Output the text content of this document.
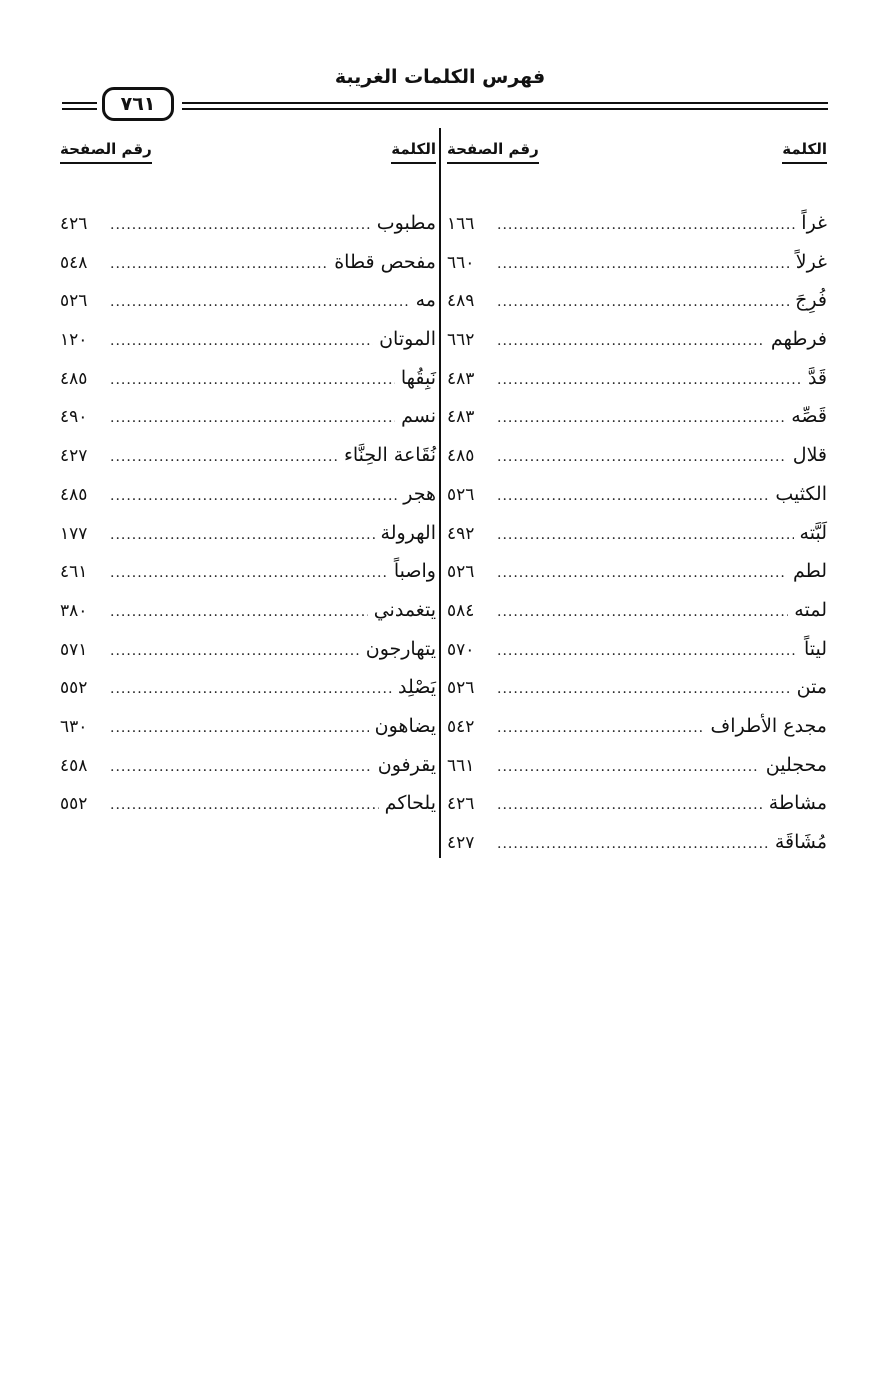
فهرس الكلمات الغريبة
٧٦١
الكلمة
رقم الصفحة
غراً
.....
١٦٦
غرلاً
.....
٦٦٠
فُرِجَ
.....
٤٨٩
فرطهم
.....
٦٦٢
قَدَّ
.....
٤٨٣
قَصِّه
.....
٤٨٣
قلال
.....
٤٨٥
الكثيب
.....
٥٢٦
لَبَّته
.....
٤٩٢
لطم
.....
٥٢٦
لمته
.....
٥٨٤
ليتاً
.....
٥٧٠
متن
.....
٥٢٦
مجدع الأطراف
.....
٥٤٢
محجلين
.....
٦٦١
مشاطة
.....
٤٢٦
مُشَاقَة
.....
٤٢٧
الكلمة
رقم الصفحة
مطبوب
.....
٤٢٦
مفحص قطاة
.....
٥٤٨
مه
.....
٥٢٦
الموتان
.....
١٢٠
نَبِقُها
.....
٤٨٥
نسم
.....
٤٩٠
نُقَاعة الحِنَّاء
.....
٤٢٧
هجر
.....
٤٨٥
الهرولة
.....
١٧٧
واصباً
.....
٤٦١
يتغمدني
.....
٣٨٠
يتهارجون
.....
٥٧١
يَصْلِد
.....
٥٥٢
يضاهون
.....
٦٣٠
يقرفون
.....
٤٥٨
يلحاكم
.....
٥٥٢
